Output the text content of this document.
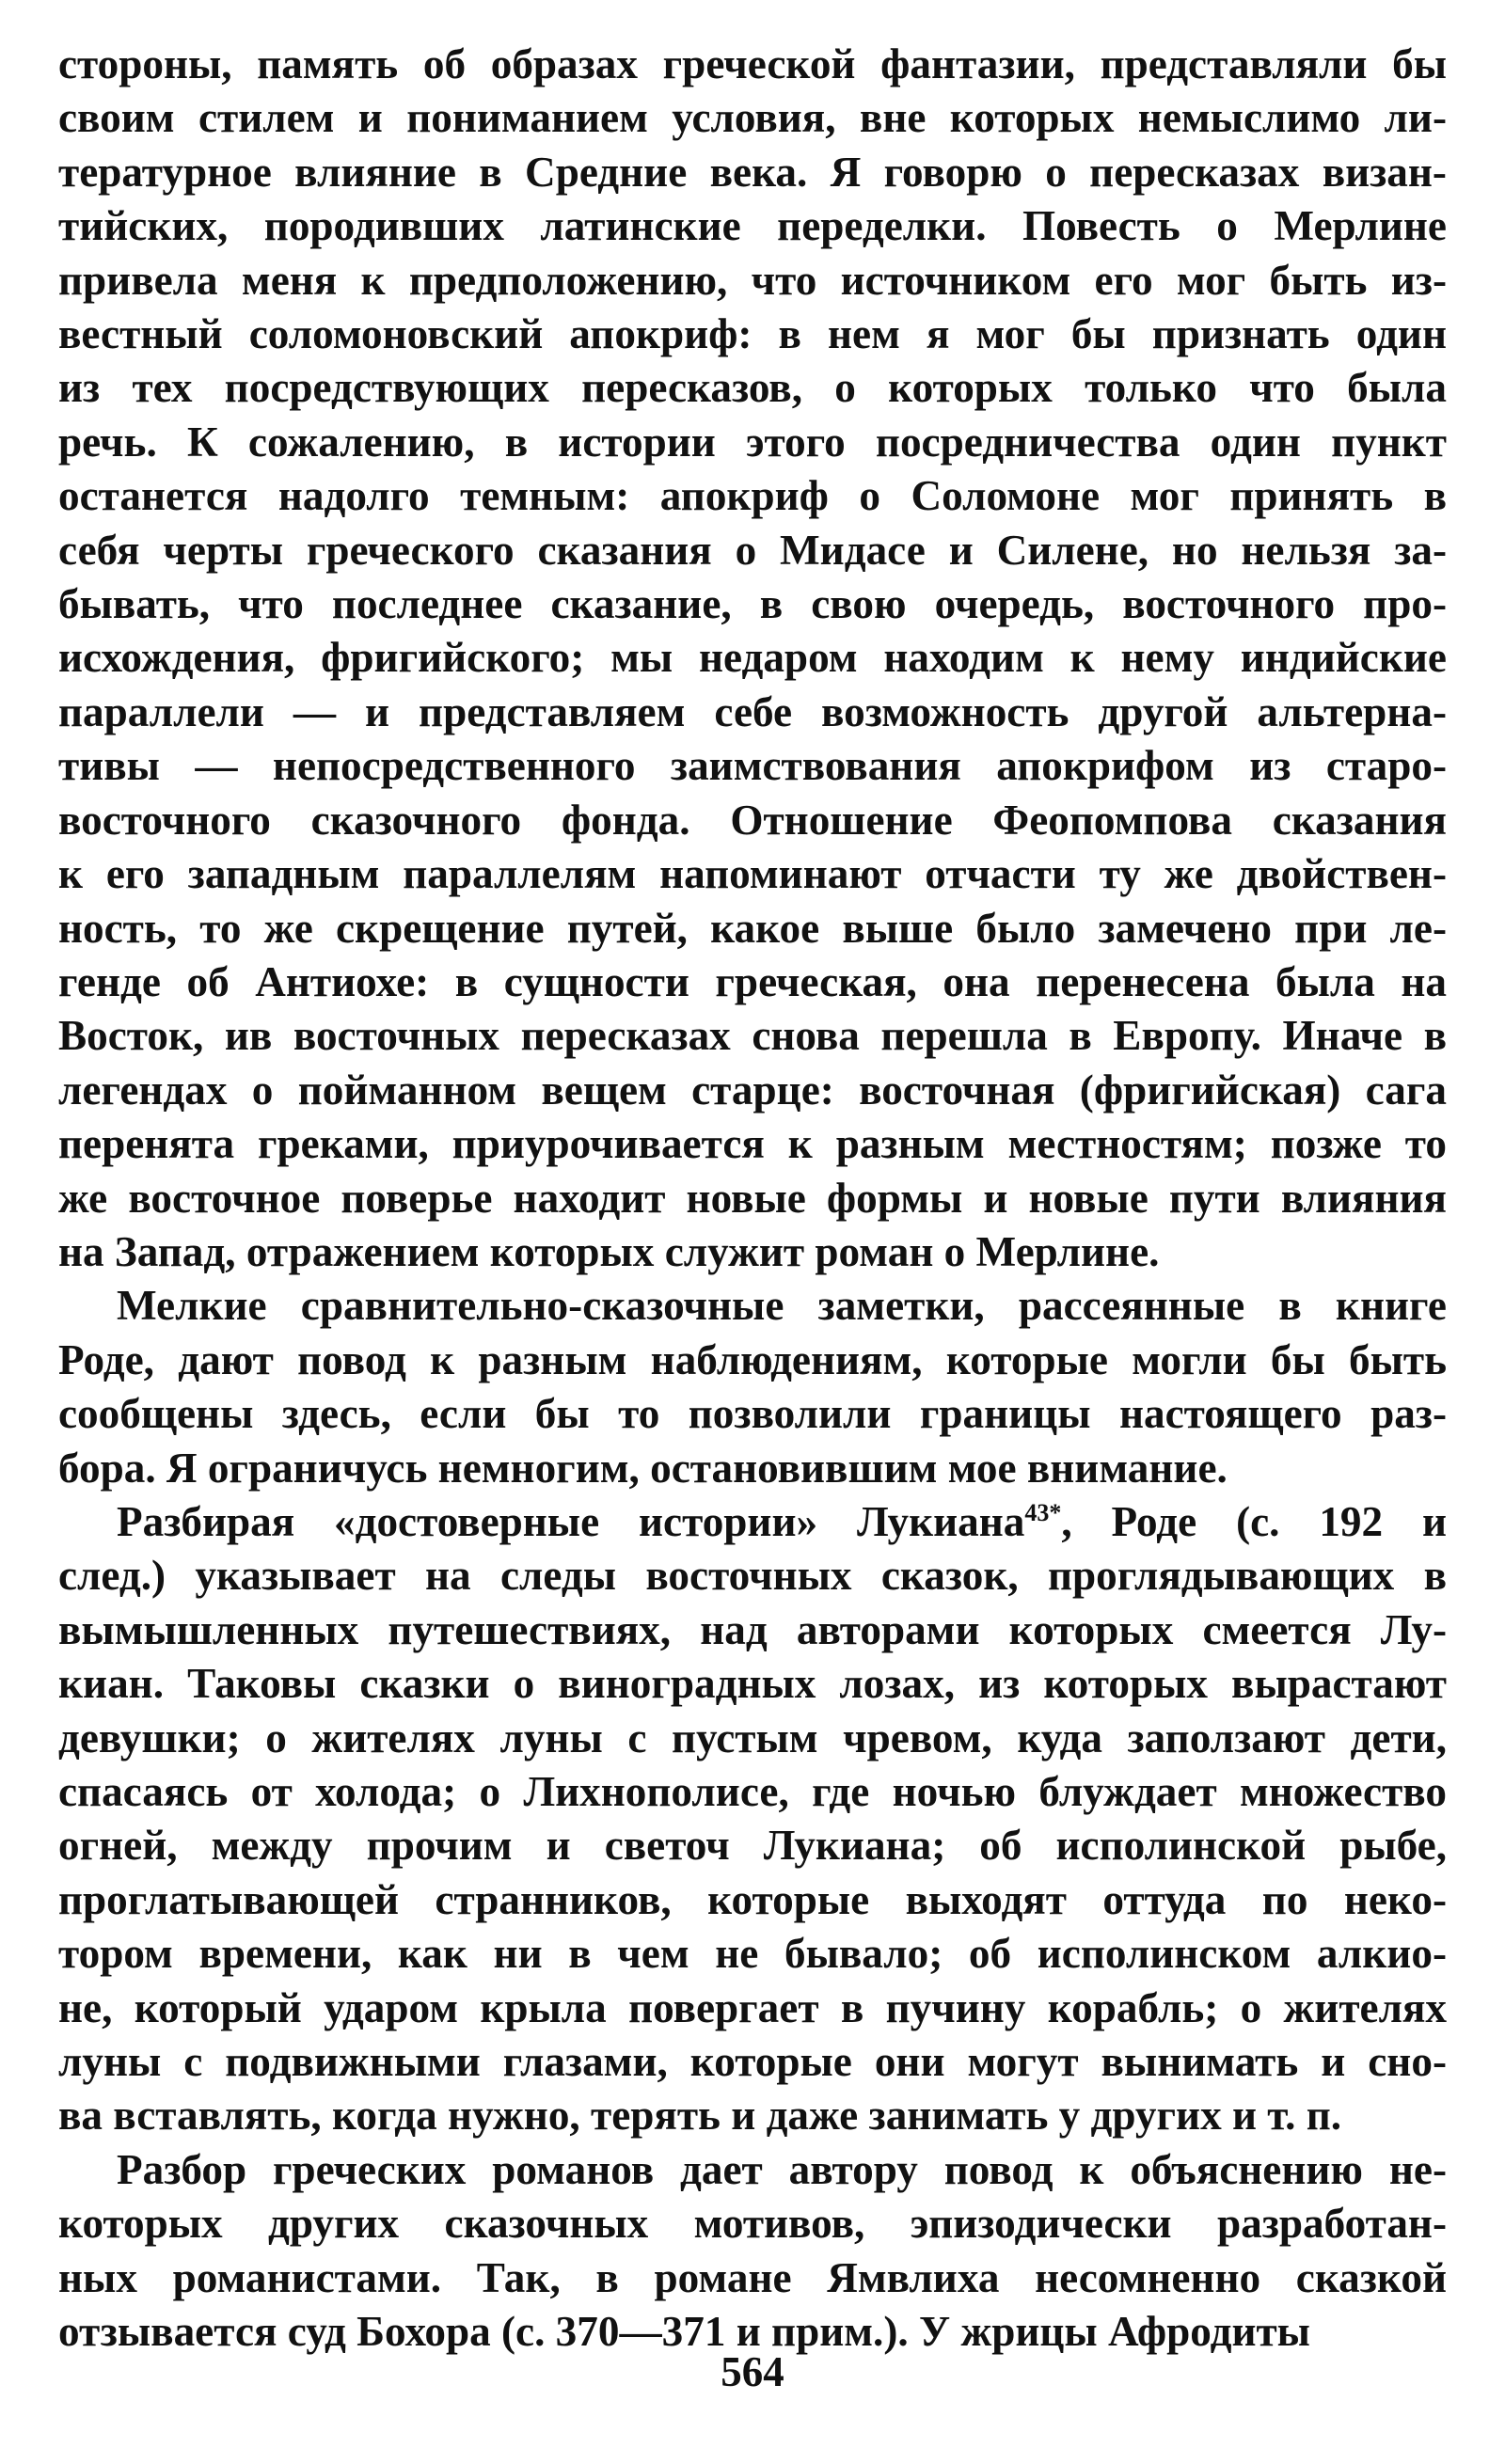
стороны, память об образах греческой фантазии, представляли бы
своим стилем и пониманием условия, вне которых немыслимо ли-
тературное влияние в Средние века. Я говорю о пересказах визан-
тийских, породивших латинские переделки. Повесть о Мерлине
привела меня к предположению, что источником его мог быть из-
вестный соломоновский апокриф: в нем я мог бы признать один
из тех посредствующих пересказов, о которых только что была
речь. К сожалению, в истории этого посредничества один пункт
останется надолго темным: апокриф о Соломоне мог принять в
себя черты греческого сказания о Мидасе и Силене, но нельзя за-
бывать, что последнее сказание, в свою очередь, восточного про-
исхождения, фригийского; мы недаром находим к нему индийские
параллели — и представляем себе возможность другой альтерна-
тивы — непосредственного заимствования апокрифом из старо-
восточного сказочного фонда. Отношение Феопомпова сказания
к его западным параллелям напоминают отчасти ту же двойствен-
ность, то же скрещение путей, какое выше было замечено при ле-
генде об Антиохе: в сущности греческая, она перенесена была на
Восток, ив восточных пересказах снова перешла в Европу. Иначе в
легендах о пойманном вещем старце: восточная (фригийская) сага
перенята греками, приурочивается к разным местностям; позже то
же восточное поверье находит новые формы и новые пути влияния
на Запад, отражением которых служит роман о Мерлине.

Мелкие сравнительно-сказочные заметки, рассеянные в книге
Роде, дают повод к разным наблюдениям, которые могли бы быть
сообщены здесь, если бы то позволили границы настоящего раз-
бора. Я ограничусь немногим, остановившим мое внимание.

Разбирая «достоверные истории» Лукиана$^{43*}$, Роде (с. 192 и
след.) указывает на следы восточных сказок, проглядывающих в
вымышленных путешествиях, над авторами которых смеется Лу-
киан. Таковы сказки о виноградных лозах, из которых вырастают
девушки; о жителях луны с пустым чревом, куда заползают дети,
спасаясь от холода; о Лихнополисе, где ночью блуждает множество
огней, между прочим и светоч Лукиана; об исполинской рыбе,
проглатывающей странников, которые выходят оттуда по неко-
тором времени, как ни в чем не бывало; об исполинском алкио-
не, который ударом крыла повергает в пучину корабль; о жителях
луны с подвижными глазами, которые они могут вынимать и сно-
ва вставлять, когда нужно, терять и даже занимать у других и т. п.

Разбор греческих романов дает автору повод к объяснению не-
которых других сказочных мотивов, эпизодически разработан-
ных романистами. Так, в романе Ямвлиха несомненно сказкой
отзывается суд Бохора (с. 370—371 и прим.). У жрицы Афродиты

564
